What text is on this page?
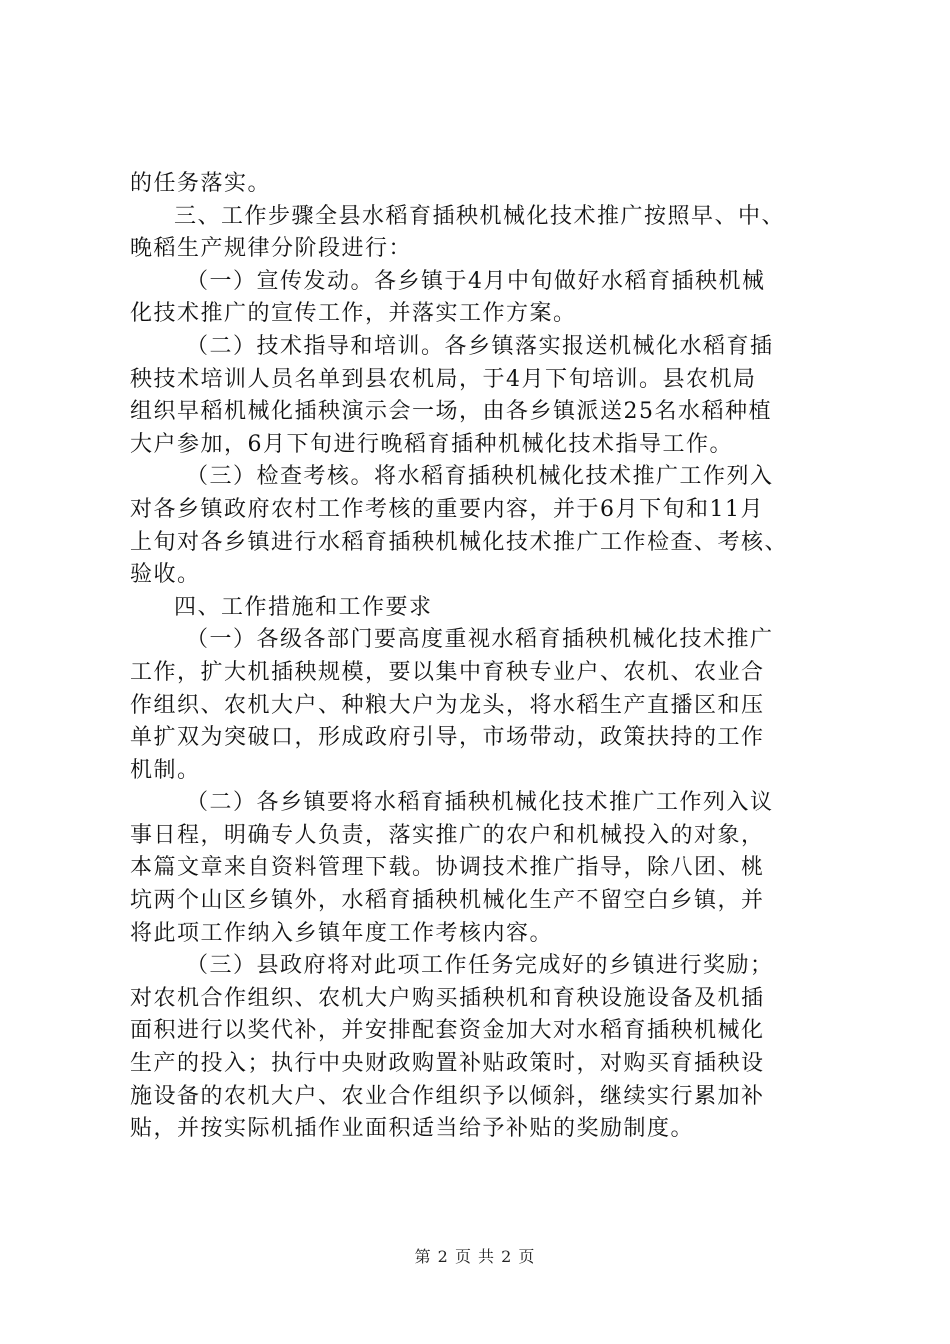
的任务落实。
三、工作步骤全县水稻育插秧机械化技术推广按照早、中、
晚稻生产规律分阶段进行：
（一）宣传发动。各乡镇于4月中旬做好水稻育插秧机械
化技术推广的宣传工作，并落实工作方案。
（二）技术指导和培训。各乡镇落实报送机械化水稻育插
秧技术培训人员名单到县农机局，于4月下旬培训。县农机局
组织早稻机械化插秧演示会一场，由各乡镇派送25名水稻种植
大户参加，6月下旬进行晚稻育插种机械化技术指导工作。
（三）检查考核。将水稻育插秧机械化技术推广工作列入
对各乡镇政府农村工作考核的重要内容，并于6月下旬和11月
上旬对各乡镇进行水稻育插秧机械化技术推广工作检查、考核、
验收。
四、工作措施和工作要求
（一）各级各部门要高度重视水稻育插秧机械化技术推广
工作，扩大机插秧规模，要以集中育秧专业户、农机、农业合
作组织、农机大户、种粮大户为龙头，将水稻生产直播区和压
单扩双为突破口，形成政府引导，市场带动，政策扶持的工作
机制。
（二）各乡镇要将水稻育插秧机械化技术推广工作列入议
事日程，明确专人负责，落实推广的农户和机械投入的对象，
本篇文章来自资料管理下载。协调技术推广指导，除八团、桃
坑两个山区乡镇外，水稻育插秧机械化生产不留空白乡镇，并
将此项工作纳入乡镇年度工作考核内容。
（三）县政府将对此项工作任务完成好的乡镇进行奖励；
对农机合作组织、农机大户购买插秧机和育秧设施设备及机插
面积进行以奖代补，并安排配套资金加大对水稻育插秧机械化
生产的投入；执行中央财政购置补贴政策时，对购买育插秧设
施设备的农机大户、农业合作组织予以倾斜，继续实行累加补
贴，并按实际机插作业面积适当给予补贴的奖励制度。
第 2 页 共 2 页
